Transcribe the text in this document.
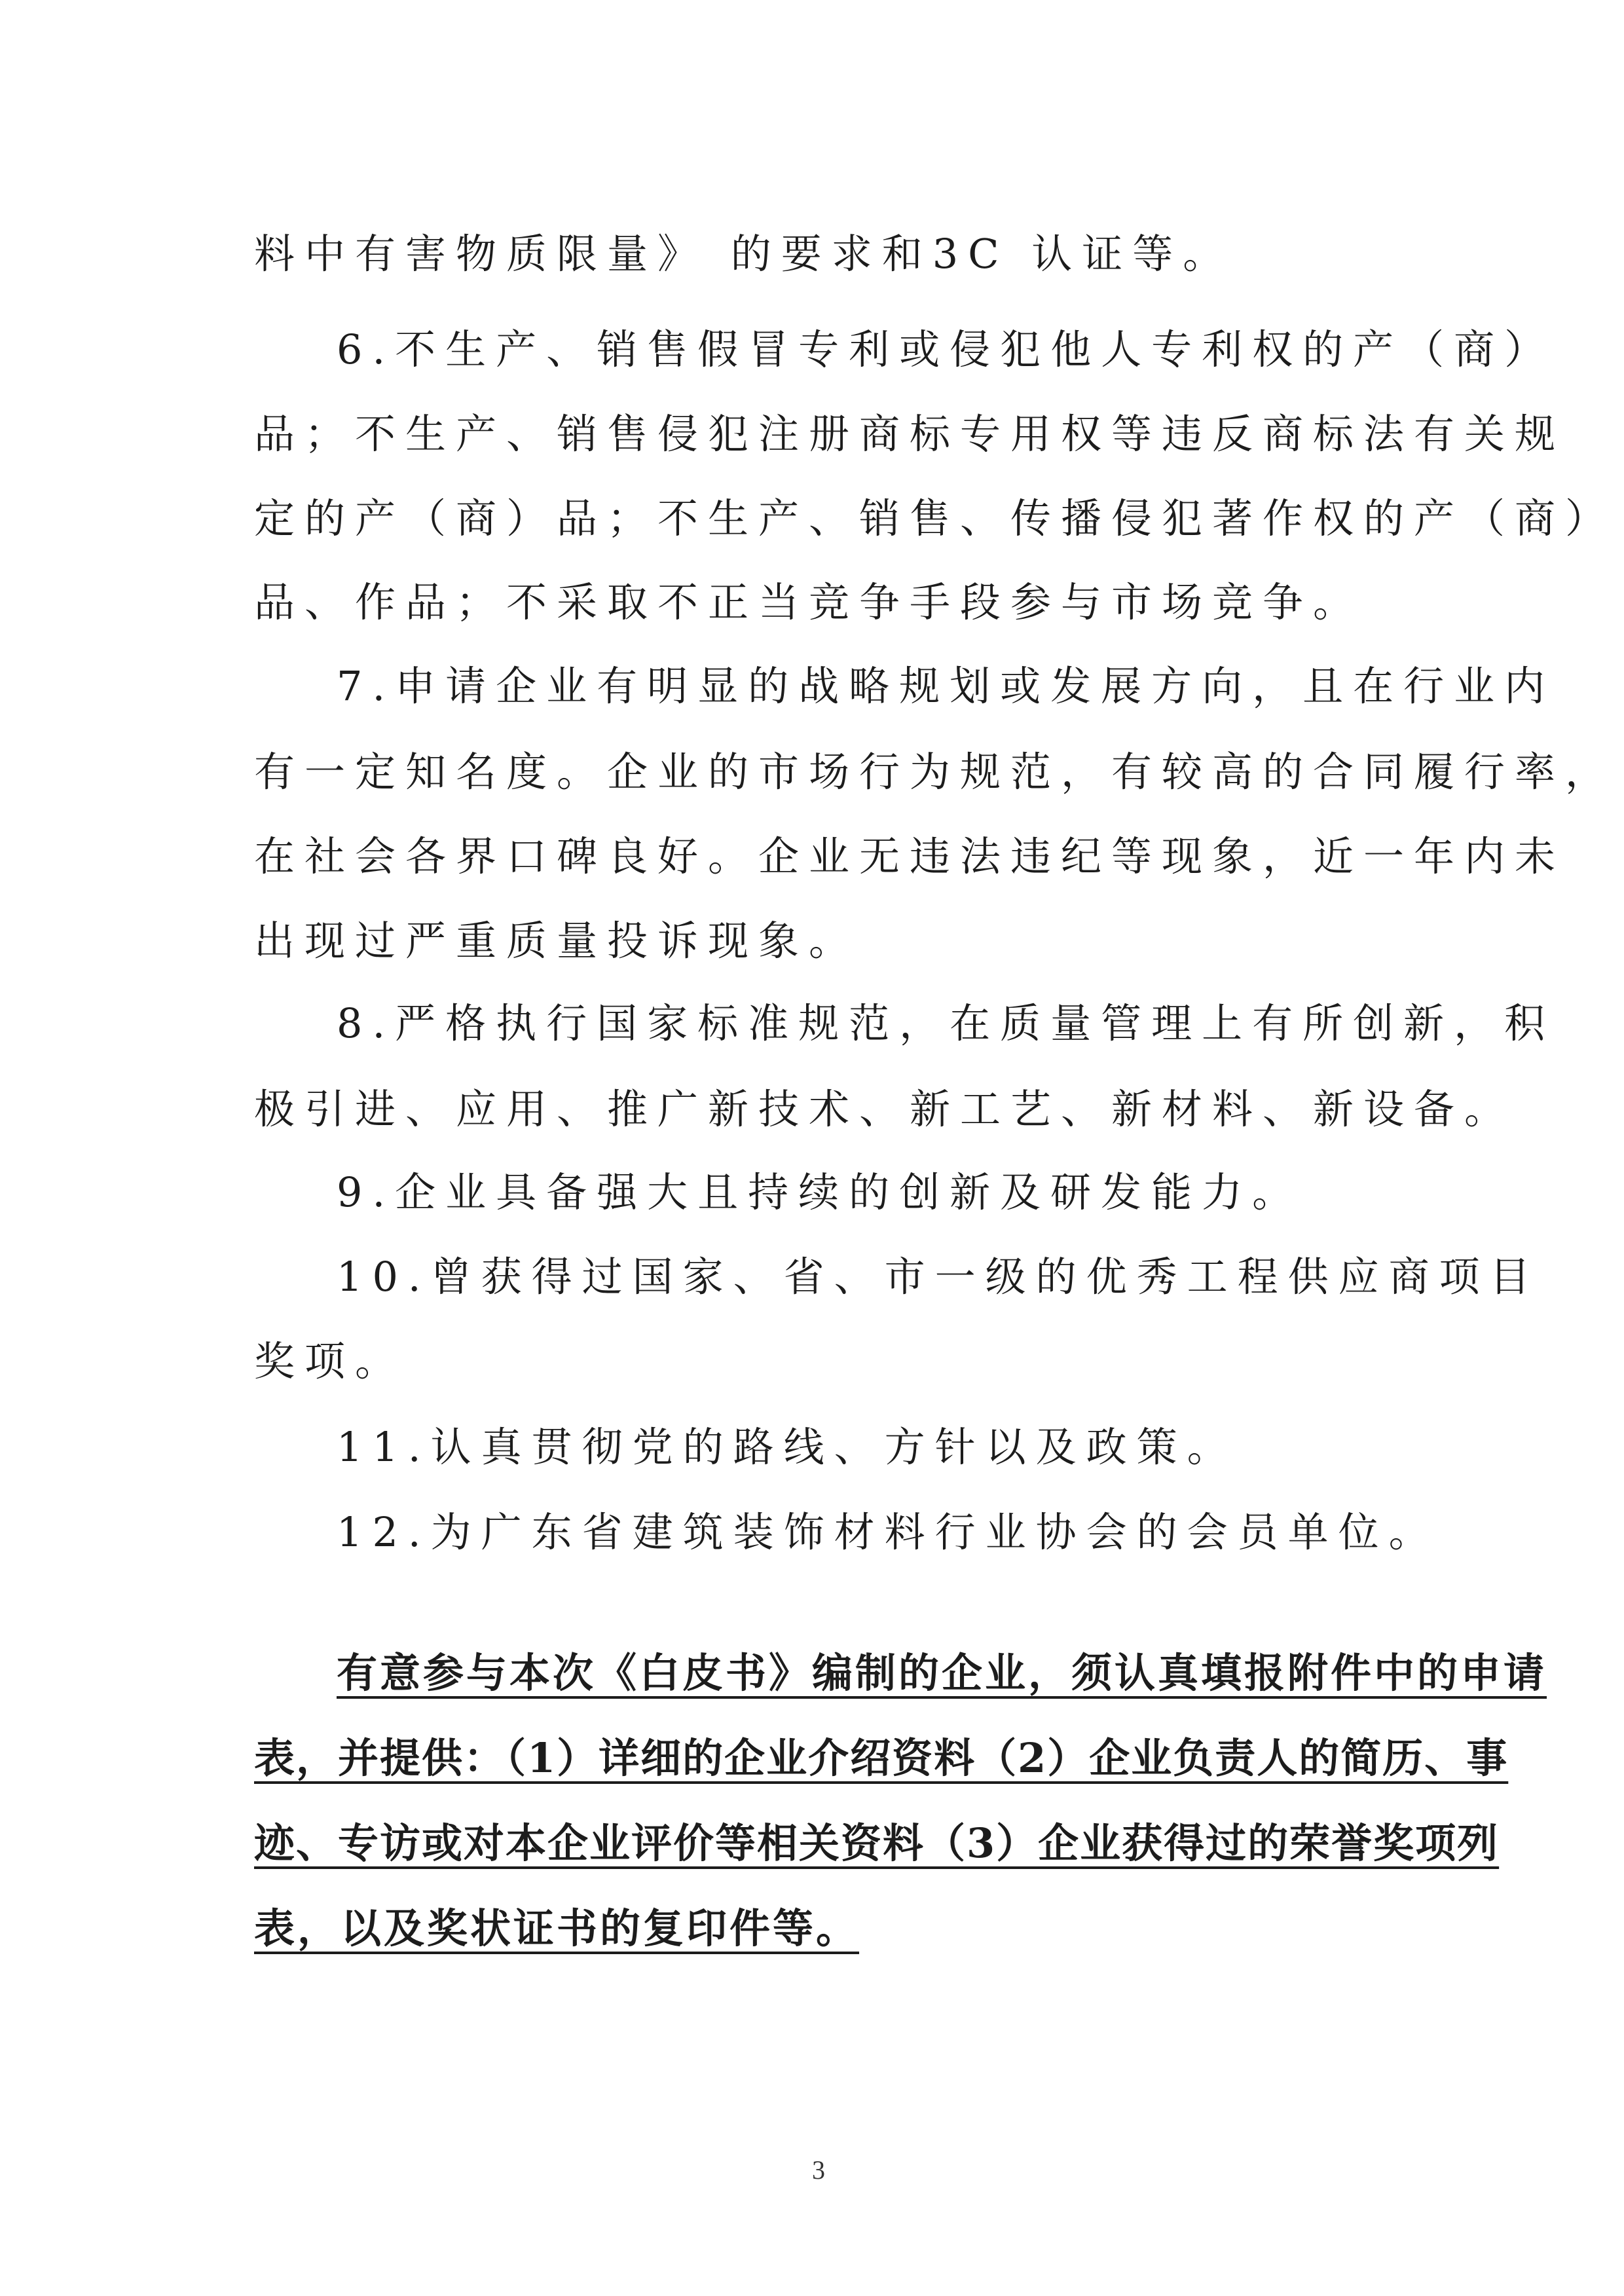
料中有害物质限量》 的要求和3C 认证等。
6.不生产、销售假冒专利或侵犯他人专利权的产（商）
品；不生产、销售侵犯注册商标专用权等违反商标法有关规
定的产（商）品；不生产、销售、传播侵犯著作权的产（商）
品、作品；不采取不正当竞争手段参与市场竞争。
7.申请企业有明显的战略规划或发展方向，且在行业内
有一定知名度。企业的市场行为规范，有较高的合同履行率，
在社会各界口碑良好。企业无违法违纪等现象，近一年内未
出现过严重质量投诉现象。
8.严格执行国家标准规范，在质量管理上有所创新，积
极引进、应用、推广新技术、新工艺、新材料、新设备。
9.企业具备强大且持续的创新及研发能力。
10.曾获得过国家、省、市一级的优秀工程供应商项目
奖项。
11.认真贯彻党的路线、方针以及政策。
12.为广东省建筑装饰材料行业协会的会员单位。
有意参与本次《白皮书》编制的企业，须认真填报附件中的申请
表，并提供：（1）详细的企业介绍资料（2）企业负责人的简历、事
迹、专访或对本企业评价等相关资料（3）企业获得过的荣誉奖项列
表，以及奖状证书的复印件等。
3
